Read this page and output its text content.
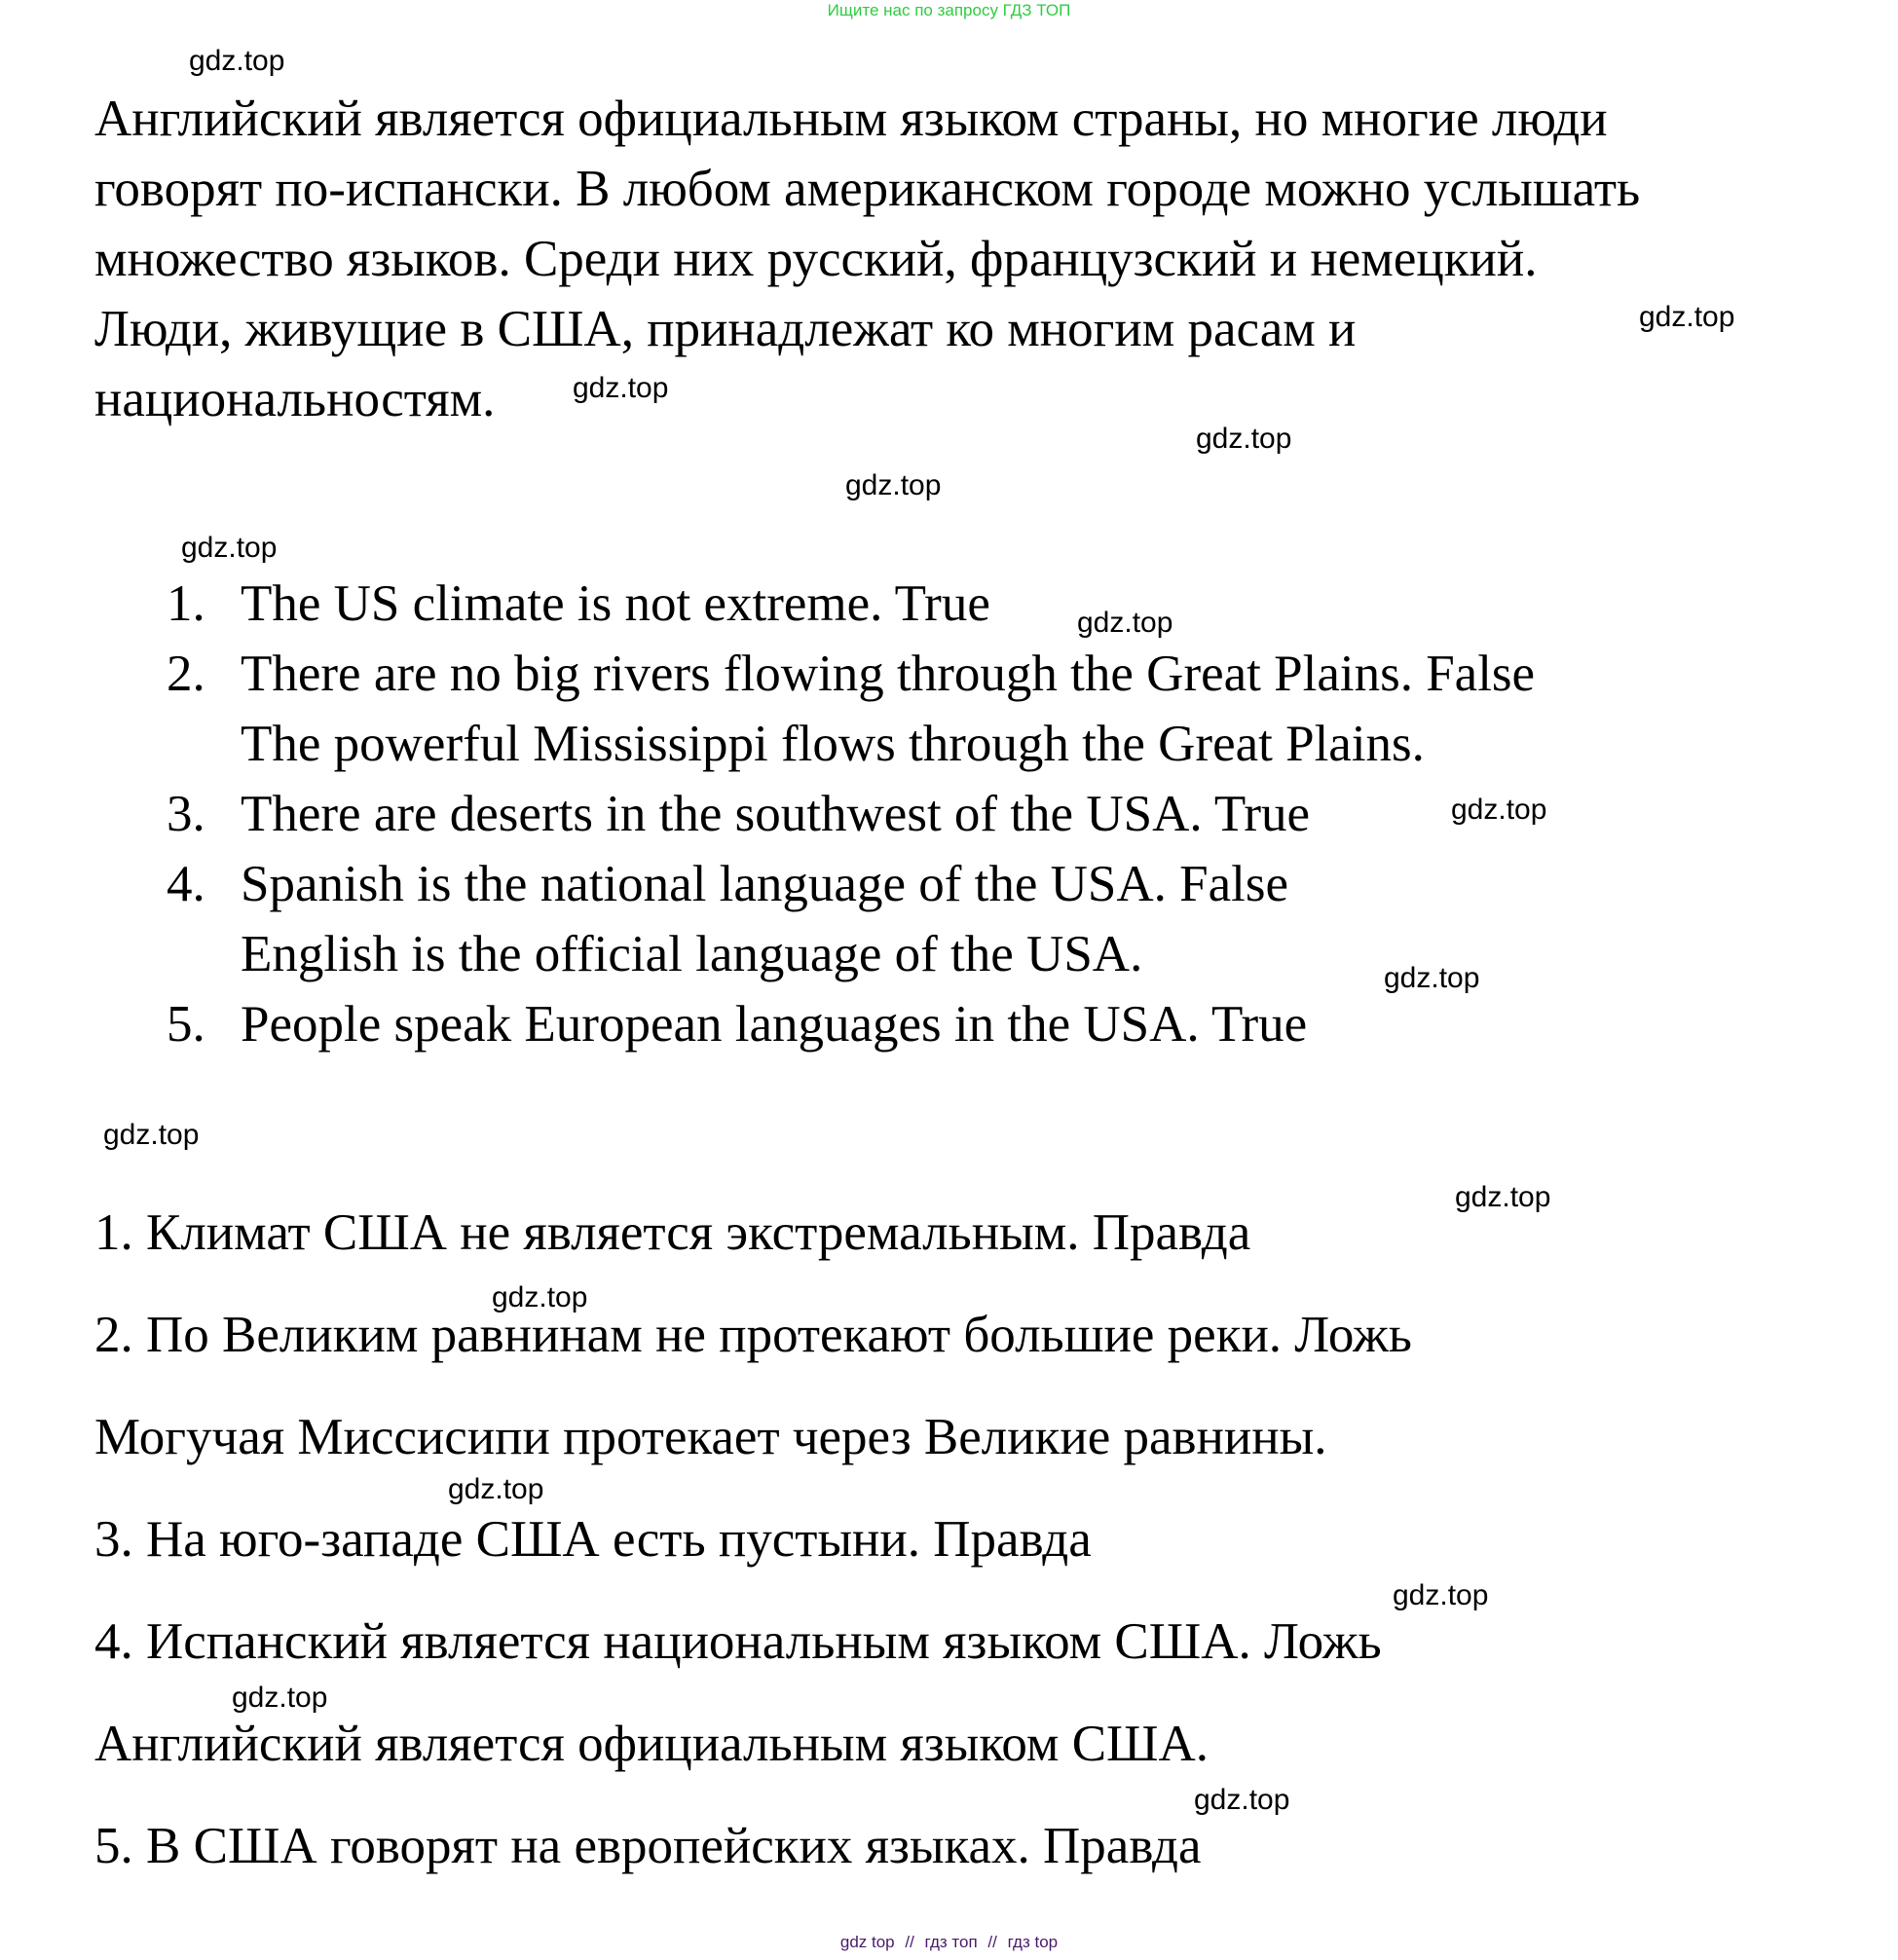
Ищите нас по запросу ГДЗ ТОП
Английский является официальным языком страны, но многие люди
говорят по-испански. В любом американском городе можно услышать
множество языков. Среди них русский, французский и немецкий.
Люди, живущие в США, принадлежат ко многим расам и
национальностям.
1. The US climate is not extreme. True
2. There are no big rivers flowing through the Great Plains. False
The powerful Mississippi flows through the Great Plains.
3. There are deserts in the southwest of the USA. True
4. Spanish is the national language of the USA. False
English is the official language of the USA.
5. People speak European languages in the USA. True
1. Климат США не является экстремальным. Правда
2. По Великим равнинам не протекают большие реки. Ложь
Могучая Миссисипи протекает через Великие равнины.
3. На юго-западе США есть пустыни. Правда
4. Испанский является национальным языком США. Ложь
Английский является официальным языком США.
5. В США говорят на европейских языках. Правда
gdz.top
gdz.top
gdz.top
gdz.top
gdz.top
gdz.top
gdz.top
gdz.top
gdz.top
gdz.top
gdz.top
gdz.top
gdz.top
gdz.top
gdz.top
gdz.top
gdz top // гдз топ // гдз top
